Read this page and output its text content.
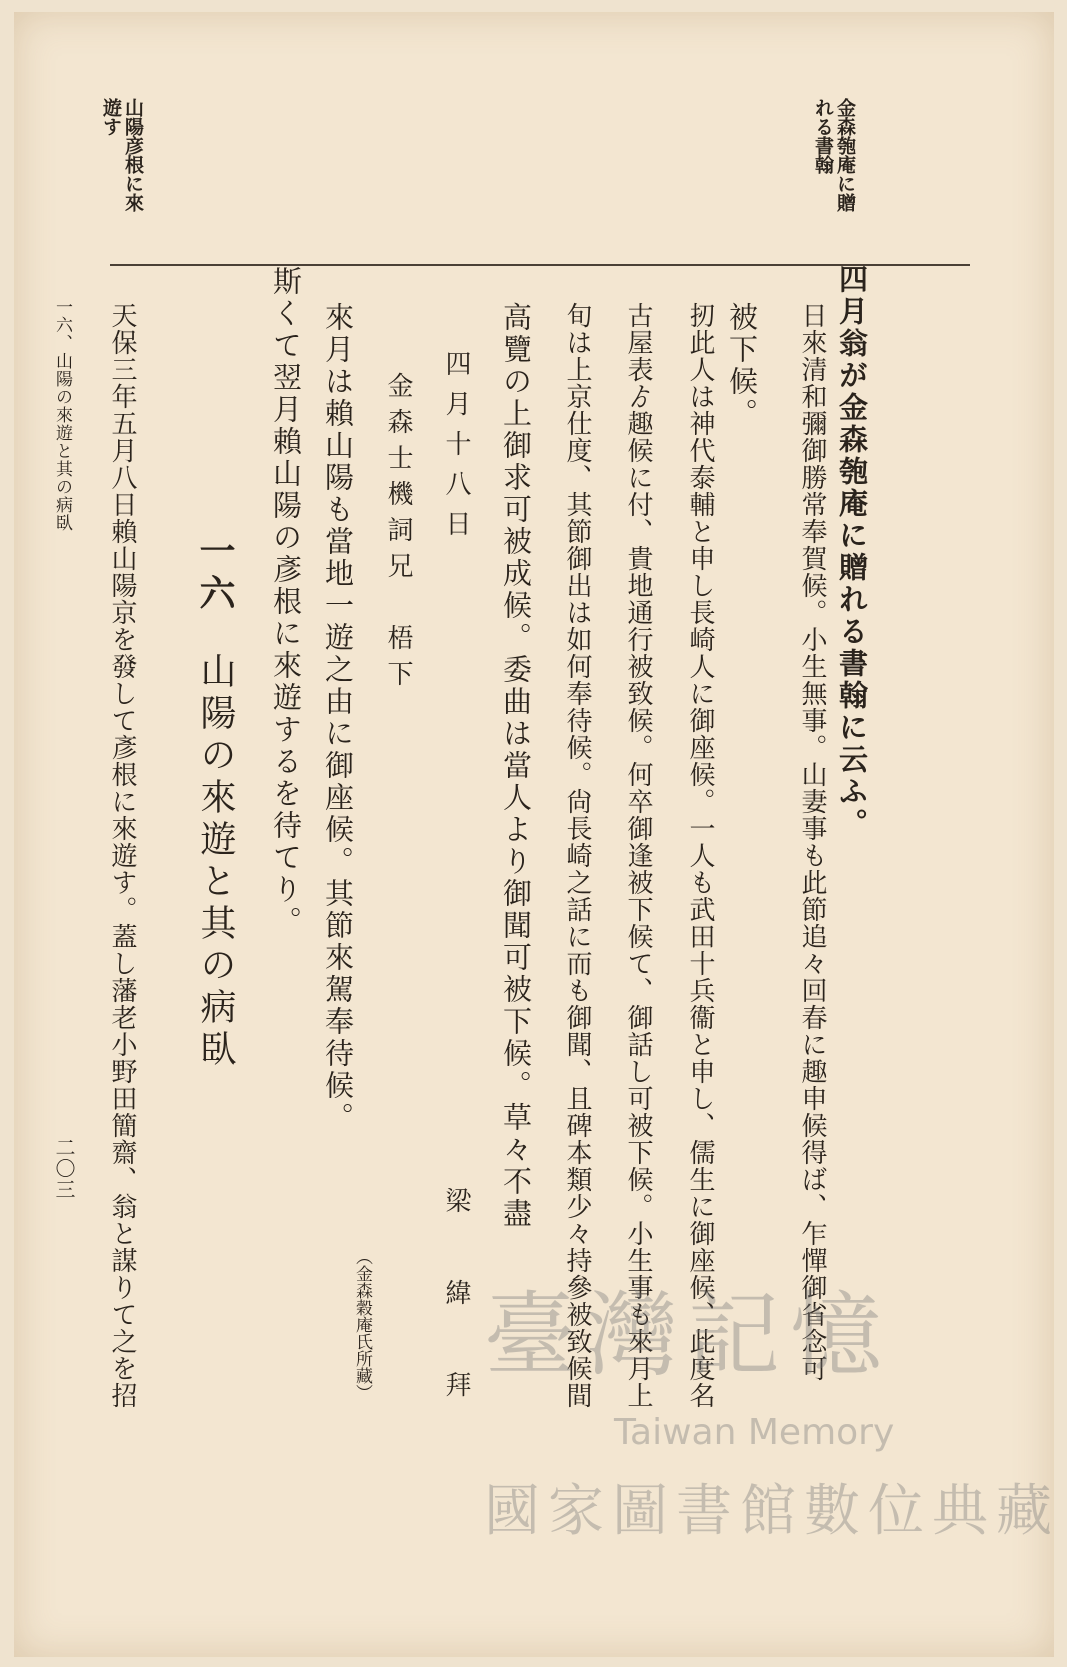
金森匏庵に贈
れる書翰
山陽彦根に來
遊す
四月翁が金森匏庵に贈れる書翰に云ふ。
日來清和彌御勝常奉賀候。小生無事。山妻事も此節追々回春に趣申候得ば、乍憚御省念可
被下候。
扨此人は神代泰輔と申し長崎人に御座候。一人も武田十兵衞と申し、儒生に御座候、此度名
古屋表ゟ趣候に付、貴地通行被致候。何卒御逢被下候て、御話し可被下候。小生事も來月上
旬は上京仕度、其節御出は如何奉待候。尙長崎之話に而も御聞、且碑本類少々持參被致候間
高覽の上御求可被成候。委曲は當人より御聞可被下候。草々不盡
四月十八日
梁　緯　拜
金森士機詞兄　梧下
（金森穀庵氏所藏）
來月は賴山陽も當地一遊之由に御座候。其節來駕奉待候。
斯くて翌月賴山陽の彥根に來遊するを待てり。
一六
山陽の來遊と其の病臥
天保三年五月八日賴山陽京を發して彥根に來遊す。蓋し藩老小野田簡齋、翁と謀りて之を招
一六、山陽の來遊と其の病臥
二〇三
臺灣記憶
Taiwan Memory
國家圖書館數位典藏
